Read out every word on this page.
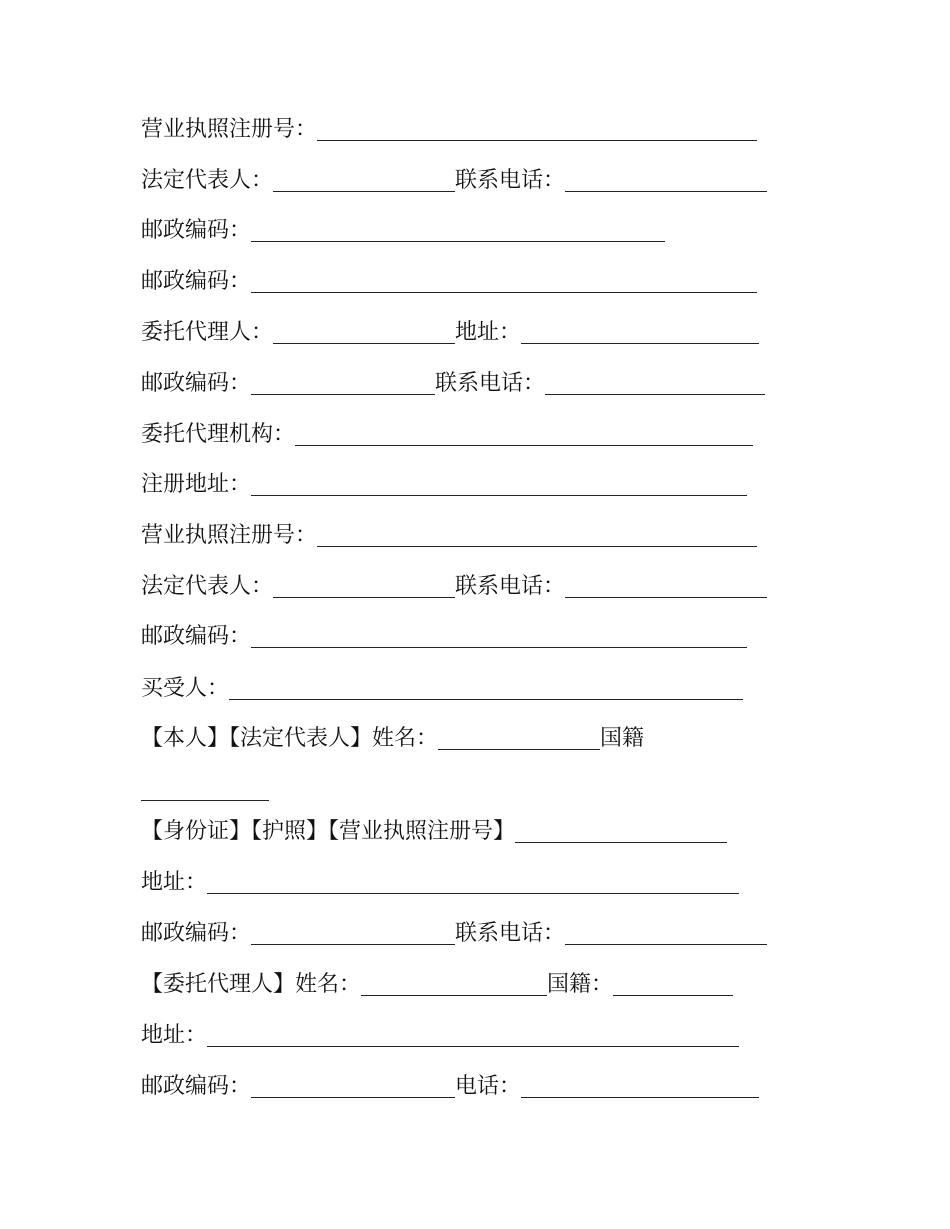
营业执照注册号：
法定代表人：	联系电话：
邮政编码：
邮政编码：
委托代理人：	地址：
邮政编码：	联系电话：
委托代理机构：
注册地址：
营业执照注册号：
法定代表人：	联系电话：
邮政编码：
买受人：
【本人】【法定代表人】姓名：	国籍
【身份证】【护照】【营业执照注册号】
地址：
邮政编码：	联系电话：
【委托代理人】姓名：	国籍：
地址：
邮政编码：	电话：
